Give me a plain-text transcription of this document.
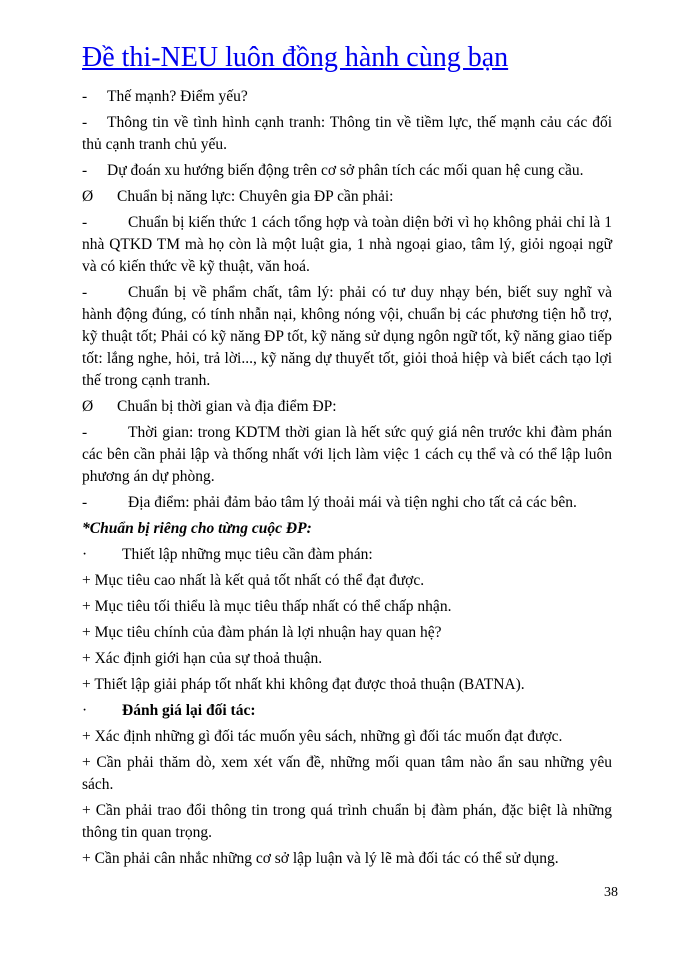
Đề thi-NEU luôn đồng hành cùng bạn

- Thế mạnh? Điểm yếu?

- Thông tin về tình hình cạnh tranh: Thông tin về tiềm lực, thế mạnh cảu các đối thủ cạnh tranh chủ yếu.

- Dự đoán xu hướng biến động trên cơ sở phân tích các mối quan hệ cung cầu.

Ø Chuẩn bị năng lực: Chuyên gia ĐP cần phải:

-	Chuẩn bị kiến thức 1 cách tổng hợp và toàn diện bởi vì họ không phải chỉ là 1 nhà QTKD TM mà họ còn là một luật gia, 1 nhà ngoại giao, tâm lý, giỏi ngoại ngữ và có kiến thức về kỹ thuật, văn hoá.

-	Chuẩn bị về phẩm chất, tâm lý: phải có tư duy nhạy bén, biết suy nghĩ và hành động đúng, có tính nhẫn nại, không nóng vội, chuẩn bị các phương tiện hỗ trợ, kỹ thuật tốt; Phải có kỹ năng ĐP tốt, kỹ năng sử dụng ngôn ngữ tốt, kỹ năng giao tiếp tốt: lắng nghe, hỏi, trả lời..., kỹ năng dự thuyết tốt, giỏi thoả hiệp và biết cách tạo lợi thế trong cạnh tranh.

Ø Chuẩn bị thời gian và địa điểm ĐP:

-	Thời gian: trong KDTM thời gian là hết sức quý giá nên trước khi đàm phán các bên cần phải lập và thống nhất với lịch làm việc 1 cách cụ thể và có thể lập luôn phương án dự phòng.

-	Địa điểm: phải đảm bảo tâm lý thoải mái và tiện nghi cho tất cả các bên.

*Chuẩn bị riêng cho từng cuộc ĐP:

· Thiết lập những mục tiêu cần đàm phán:

+ Mục tiêu cao nhất là kết quả tốt nhất có thể đạt được.

+ Mục tiêu tối thiểu là mục tiêu thấp nhất có thể chấp nhận.

+ Mục tiêu chính của đàm phán là lợi nhuận hay quan hệ?

+ Xác định giới hạn của sự thoả thuận.

+ Thiết lập giải pháp tốt nhất khi không đạt được thoả thuận (BATNA).

· Đánh giá lại đối tác:

+ Xác định những gì đối tác muốn yêu sách, những gì đối tác muốn đạt được.

+ Cần phải thăm dò, xem xét vấn đề, những mối quan tâm nào ẩn sau những yêu sách.

+ Cần phải trao đổi thông tin trong quá trình chuẩn bị đàm phán, đặc biệt là những thông tin quan trọng.

+ Cần phải cân nhắc những cơ sở lập luận và lý lẽ mà đối tác có thể sử dụng.

38
